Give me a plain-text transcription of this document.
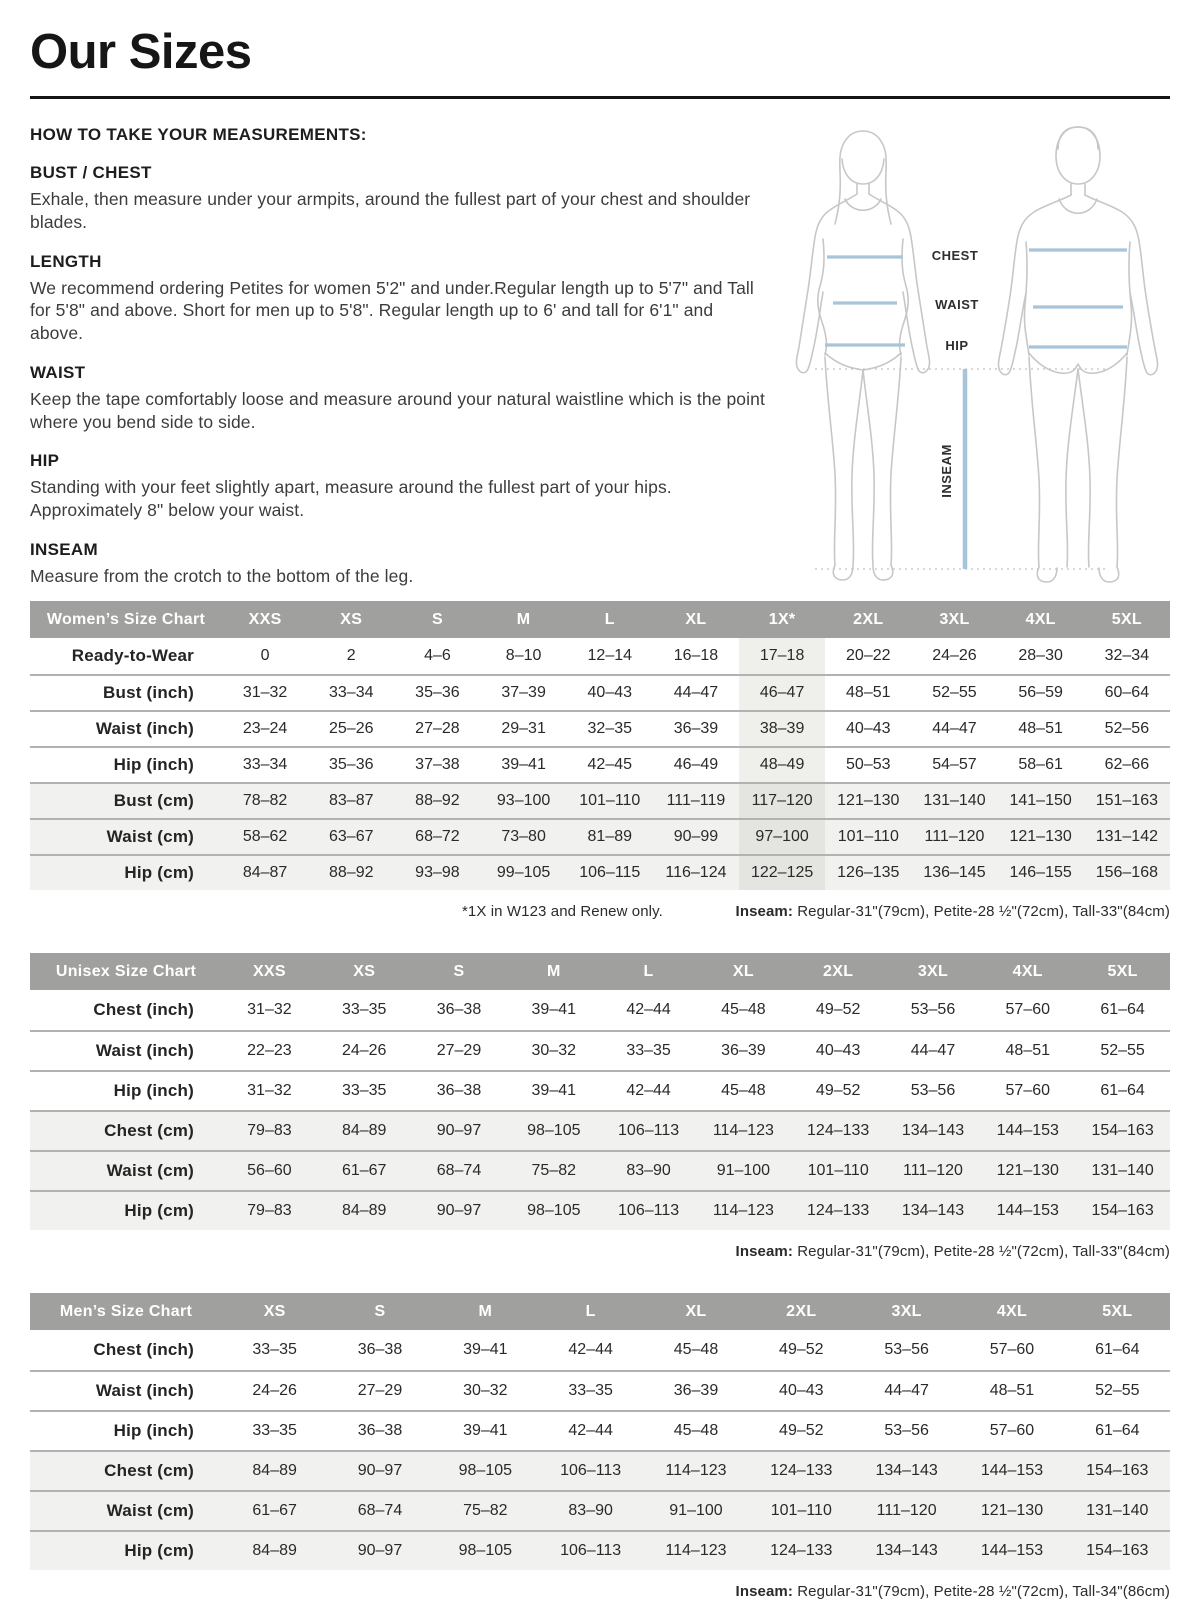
Our Sizes

HOW TO TAKE YOUR MEASUREMENTS:

BUST / CHEST

Exhale, then measure under your armpits, around the fullest part of your chest and shoulder blades.

LENGTH

We recommend ordering Petites for women 5'2" and under.Regular length up to 5'7" and Tall for 5'8" and above. Short for men up to 5'8". Regular length up to 6' and tall for 6'1" and above.

WAIST

Keep the tape comfortably loose and measure around your natural waistline which is the point where you bend side to side.

HIP

Standing with your feet slightly apart, measure around the fullest part of your hips. Approximately 8" below your waist.

INSEAM

Measure from the crotch to the bottom of the leg.

CHEST
WAIST
HIP
INSEAM
Women’s Size Chart	XXS	XS	S	M	L	XL	1X*	2XL	3XL	4XL	5XL
Ready-to-Wear	0	2	4–6	8–10	12–14	16–18	17–18	20–22	24–26	28–30	32–34
Bust (inch)	31–32	33–34	35–36	37–39	40–43	44–47	46–47	48–51	52–55	56–59	60–64
Waist (inch)	23–24	25–26	27–28	29–31	32–35	36–39	38–39	40–43	44–47	48–51	52–56
Hip (inch)	33–34	35–36	37–38	39–41	42–45	46–49	48–49	50–53	54–57	58–61	62–66
Bust (cm)	78–82	83–87	88–92	93–100	101–110	111–119	117–120	121–130	131–140	141–150	151–163
Waist (cm)	58–62	63–67	68–72	73–80	81–89	90–99	97–100	101–110	111–120	121–130	131–142
Hip (cm)	84–87	88–92	93–98	99–105	106–115	116–124	122–125	126–135	136–145	146–155	156–168
*1X in W123 and Renew only.	Inseam: Regular-31"(79cm), Petite-28 ½"(72cm), Tall-33"(84cm)
Unisex Size Chart	XXS	XS	S	M	L	XL	2XL	3XL	4XL	5XL
Chest (inch)	31–32	33–35	36–38	39–41	42–44	45–48	49–52	53–56	57–60	61–64
Waist (inch)	22–23	24–26	27–29	30–32	33–35	36–39	40–43	44–47	48–51	52–55
Hip (inch)	31–32	33–35	36–38	39–41	42–44	45–48	49–52	53–56	57–60	61–64
Chest (cm)	79–83	84–89	90–97	98–105	106–113	114–123	124–133	134–143	144–153	154–163
Waist (cm)	56–60	61–67	68–74	75–82	83–90	91–100	101–110	111–120	121–130	131–140
Hip (cm)	79–83	84–89	90–97	98–105	106–113	114–123	124–133	134–143	144–153	154–163
Inseam: Regular-31"(79cm), Petite-28 ½"(72cm), Tall-33"(84cm)
Men’s Size Chart	XS	S	M	L	XL	2XL	3XL	4XL	5XL
Chest (inch)	33–35	36–38	39–41	42–44	45–48	49–52	53–56	57–60	61–64
Waist (inch)	24–26	27–29	30–32	33–35	36–39	40–43	44–47	48–51	52–55
Hip (inch)	33–35	36–38	39–41	42–44	45–48	49–52	53–56	57–60	61–64
Chest (cm)	84–89	90–97	98–105	106–113	114–123	124–133	134–143	144–153	154–163
Waist (cm)	61–67	68–74	75–82	83–90	91–100	101–110	111–120	121–130	131–140
Hip (cm)	84–89	90–97	98–105	106–113	114–123	124–133	134–143	144–153	154–163
Inseam: Regular-31"(79cm), Petite-28 ½"(72cm), Tall-34"(86cm)
